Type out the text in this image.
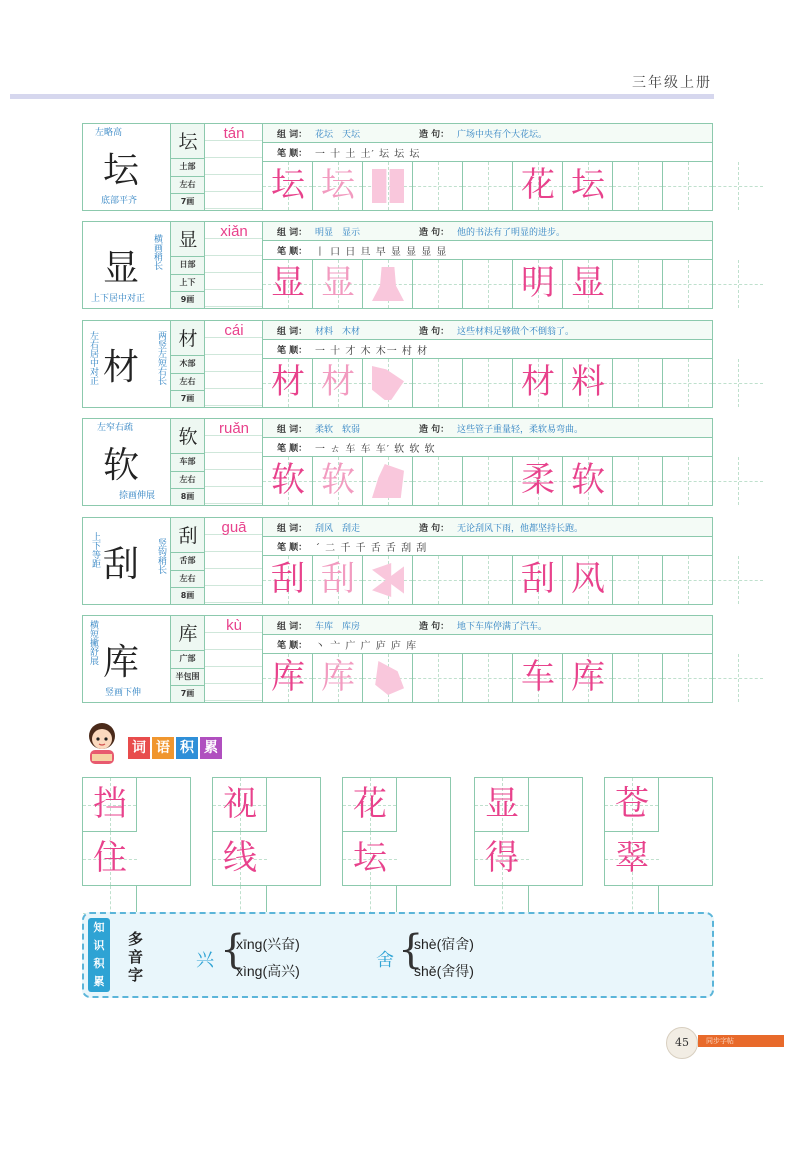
三年级上册
坛
左略高
底部平齐
坛
土部
左右
7画
tán	组 词： 花坛　天坛	造 句： 广场中央有个大花坛。
笔 顺： 一 十 土 土′ 坛 坛 坛
坛 坛	花 坛
显 横画稍长
上下居中对正
显
日部
上下
9画
xiǎn	组 词： 明显　显示	造 句： 他的书法有了明显的进步。
笔 顺： 丨 口 日 旦 早 显 显 显 显
显 显	明 显
材
左右居中对正	两竖左短右长 材
木部
左右
7画
cái	组 词： 材料　木材	造 句： 这些材料足够做个不倒翁了。
笔 顺： 一 十 才 木 木一 村 材
材 材	材 料
软
左窄右疏
捺画伸展
软
车部
左右
8画
ruǎn	组 词： 柔软　软弱	造 句： 这些管子重量轻，柔软易弯曲。
笔 顺： 一 ㄊ 车 车 车′ 软 软 软
软 软	柔 软
刮
上下等距	竖钩稍长
刮
舌部
左右
8画
guā	组 词： 刮风　刮走	造 句： 无论刮风下雨，他都坚持长跑。
笔 顺： ˊ 二 千 千 舌 舌 刮 刮
刮 刮	刮 风
库
横短撇舒展
竖画下伸
库
广部
半包围
7画
kù	组 词： 车库　库房	造 句： 地下车库停满了汽车。
笔 顺： 丶 亠 广 广 庐 庐 库
库 库	车 库
词 语 积 累
挡
住
视
线
花
坛
显
得
苍
翠
知
识
积
累
多音字
兴 {
xīng(兴奋)
xìng(高兴)	舍 {
shè(宿舍)
shě(舍得)
45	同步字帖
